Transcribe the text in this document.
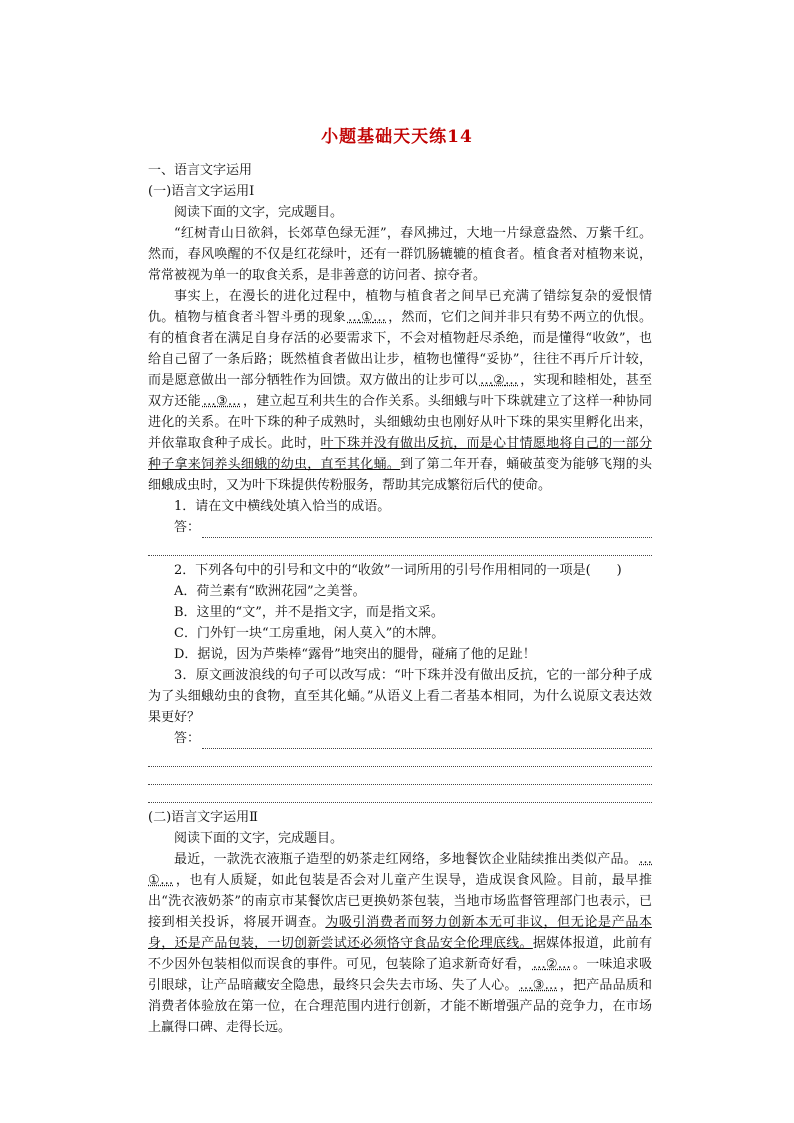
小题基础天天练14

一、语言文字运用

(一)语言文字运用Ⅰ

阅读下面的文字，完成题目。

“红树青山日欲斜，长郊草色绿无涯”，春风拂过，大地一片绿意盎然、万紫千红。然而，春风唤醒的不仅是红花绿叶，还有一群饥肠辘辘的植食者。植食者对植物来说，常常被视为单一的取食关系，是非善意的访问者、掠夺者。

事实上，在漫长的进化过程中，植物与植食者之间早已充满了错综复杂的爱恨情仇。植物与植食者斗智斗勇的现象 …①… ，然而，它们之间并非只有势不两立的仇恨。有的植食者在满足自身存活的必要需求下，不会对植物赶尽杀绝，而是懂得“收敛”，也给自己留了一条后路；既然植食者做出让步，植物也懂得“妥协”，往往不再斤斤计较，而是愿意做出一部分牺牲作为回馈。双方做出的让步可以 …②… ，实现和睦相处，甚至双方还能 …③… ，建立起互利共生的合作关系。头细蛾与叶下珠就建立了这样一种协同进化的关系。在叶下珠的种子成熟时，头细蛾幼虫也刚好从叶下珠的果实里孵化出来，并依靠取食种子成长。此时，叶下珠并没有做出反抗，而是心甘情愿地将自己的一部分种子拿来饲养头细蛾的幼虫，直至其化蛹。到了第二年开春，蛹破茧变为能够飞翔的头细蛾成虫时，又为叶下珠提供传粉服务，帮助其完成繁衍后代的使命。

1．请在文中横线处填入恰当的成语。

答：

2．下列各句中的引号和文中的“收敛”一词所用的引号作用相同的一项是(　　)

A．荷兰素有“欧洲花园”之美誉。

B．这里的“文”，并不是指文字，而是指文采。

C．门外钉一块“工房重地，闲人莫入”的木牌。

D．据说，因为芦柴棒“露骨”地突出的腿骨，碰痛了他的足趾！

3．原文画波浪线的句子可以改写成：“叶下珠并没有做出反抗，它的一部分种子成为了头细蛾幼虫的食物，直至其化蛹。”从语义上看二者基本相同，为什么说原文表达效果更好？

答：

(二)语言文字运用Ⅱ

阅读下面的文字，完成题目。

最近，一款洗衣液瓶子造型的奶茶走红网络，多地餐饮企业陆续推出类似产品。 …①… ，也有人质疑，如此包装是否会对儿童产生误导，造成误食风险。目前，最早推出“洗衣液奶茶”的南京市某餐饮店已更换奶茶包装，当地市场监督管理部门也表示，已接到相关投诉，将展开调查。为吸引消费者而努力创新本无可非议，但无论是产品本身，还是产品包装，一切创新尝试还必须恪守食品安全伦理底线。据媒体报道，此前有不少因外包装相似而误食的事件。可见，包装除了追求新奇好看， …②… 。一味追求吸引眼球，让产品暗藏安全隐患，最终只会失去市场、失了人心。 …③… ，把产品品质和消费者体验放在第一位，在合理范围内进行创新，才能不断增强产品的竞争力，在市场上赢得口碑、走得长远。
